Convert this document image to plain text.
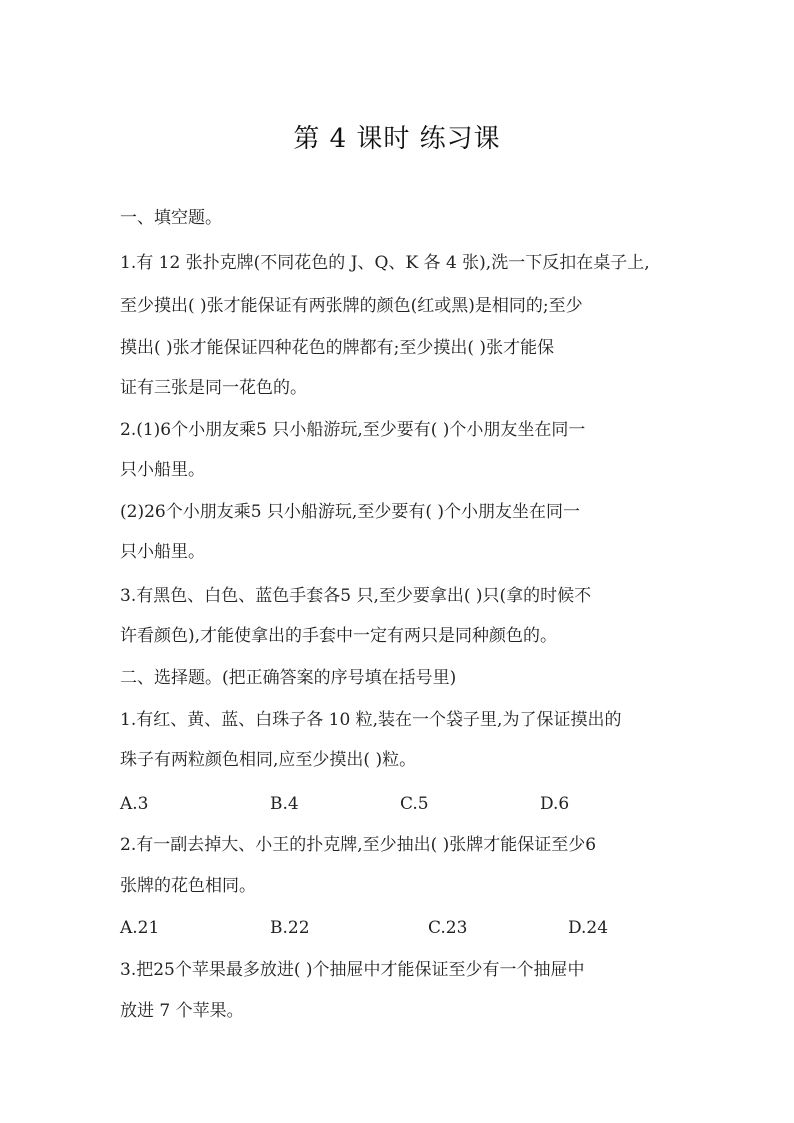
第 4 课时 练习课
一、填空题。
1.有 12 张扑克牌(不同花色的 J、Q、K 各 4 张),洗一下反扣在桌子上,
至少摸出( )张才能保证有两张牌的颜色(红或黑)是相同的;至少
摸出( )张才能保证四种花色的牌都有;至少摸出( )张才能保
证有三张是同一花色的。
2.(1)6个小朋友乘5 只小船游玩,至少要有( )个小朋友坐在同一
只小船里。
(2)26个小朋友乘5 只小船游玩,至少要有( )个小朋友坐在同一
只小船里。
3.有黑色、白色、蓝色手套各5 只,至少要拿出( )只(拿的时候不
许看颜色),才能使拿出的手套中一定有两只是同种颜色的。
二、选择题。(把正确答案的序号填在括号里)
1.有红、黄、蓝、白珠子各 10 粒,装在一个袋子里,为了保证摸出的
珠子有两粒颜色相同,应至少摸出( )粒。
A.3	B.4	C.5	D.6
2.有一副去掉大、小王的扑克牌,至少抽出( )张牌才能保证至少6
张牌的花色相同。
A.21	B.22	C.23	D.24
3.把25个苹果最多放进( )个抽屉中才能保证至少有一个抽屉中
放进 7 个苹果。
